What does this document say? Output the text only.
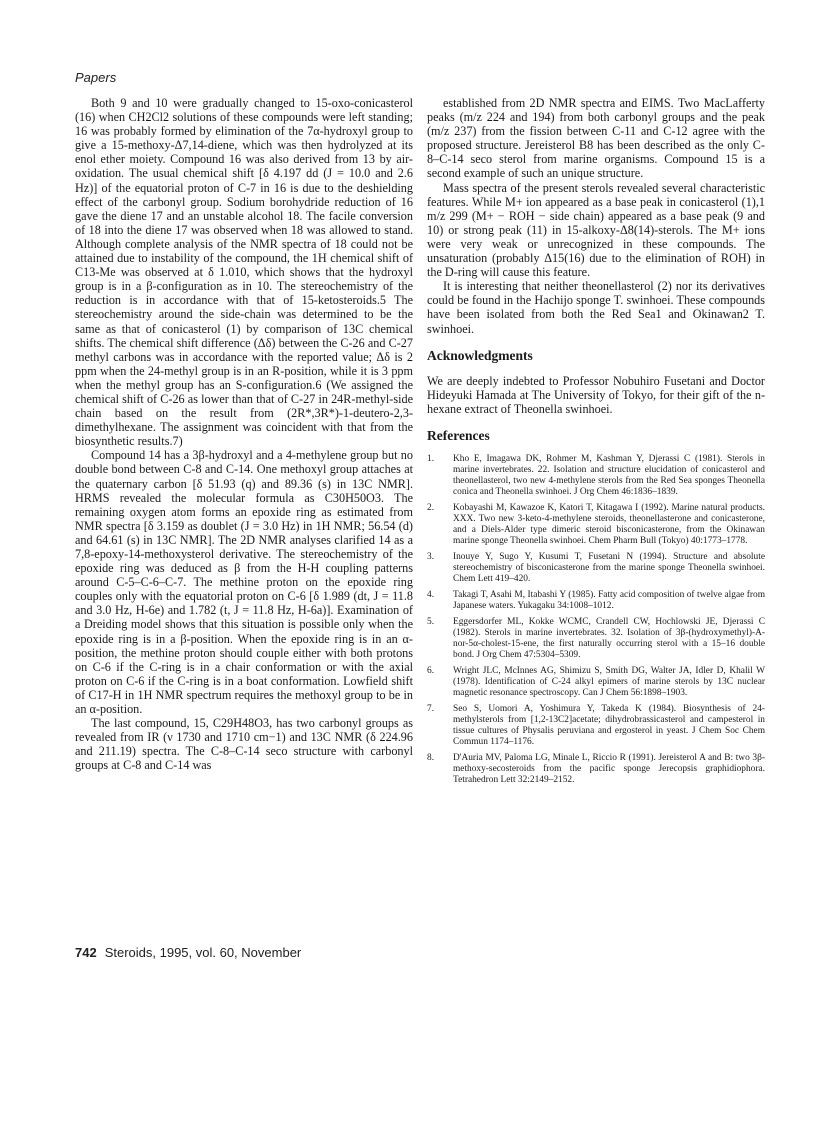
Papers

Both 9 and 10 were gradually changed to 15-oxo-conicasterol (16) when CH2Cl2 solutions of these compounds were left standing; 16 was probably formed by elimination of the 7α-hydroxyl group to give a 15-methoxy-Δ7,14-diene, which was then hydrolyzed at its enol ether moiety. Compound 16 was also derived from 13 by air-oxidation. The usual chemical shift [δ 4.197 dd (J = 10.0 and 2.6 Hz)] of the equatorial proton of C-7 in 16 is due to the deshielding effect of the carbonyl group. Sodium borohydride reduction of 16 gave the diene 17 and an unstable alcohol 18. The facile conversion of 18 into the diene 17 was observed when 18 was allowed to stand. Although complete analysis of the NMR spectra of 18 could not be attained due to instability of the compound, the 1H chemical shift of C13-Me was observed at δ 1.010, which shows that the hydroxyl group is in a β-configuration as in 10. The stereochemistry of the reduction is in accordance with that of 15-ketosteroids.5 The stereochemistry around the side-chain was determined to be the same as that of conicasterol (1) by comparison of 13C chemical shifts. The chemical shift difference (Δδ) between the C-26 and C-27 methyl carbons was in accordance with the reported value; Δδ is 2 ppm when the 24-methyl group is in an R-position, while it is 3 ppm when the methyl group has an S-configuration.6 (We assigned the chemical shift of C-26 as lower than that of C-27 in 24R-methyl-side chain based on the result from (2R*,3R*)-1-deutero-2,3-dimethylhexane. The assignment was coincident with that from the biosynthetic results.7)

Compound 14 has a 3β-hydroxyl and a 4-methylene group but no double bond between C-8 and C-14. One methoxyl group attaches at the quaternary carbon [δ 51.93 (q) and 89.36 (s) in 13C NMR]. HRMS revealed the molecular formula as C30H50O3. The remaining oxygen atom forms an epoxide ring as estimated from NMR spectra [δ 3.159 as doublet (J = 3.0 Hz) in 1H NMR; 56.54 (d) and 64.61 (s) in 13C NMR]. The 2D NMR analyses clarified 14 as a 7,8-epoxy-14-methoxysterol derivative. The stereochemistry of the epoxide ring was deduced as β from the H-H coupling patterns around C-5–C-6–C-7. The methine proton on the epoxide ring couples only with the equatorial proton on C-6 [δ 1.989 (dt, J = 11.8 and 3.0 Hz, H-6e) and 1.782 (t, J = 11.8 Hz, H-6a)]. Examination of a Dreiding model shows that this situation is possible only when the epoxide ring is in a β-position. When the epoxide ring is in an α-position, the methine proton should couple either with both protons on C-6 if the C-ring is in a chair conformation or with the axial proton on C-6 if the C-ring is in a boat conformation. Lowfield shift of C17-H in 1H NMR spectrum requires the methoxyl group to be in an α-position.

The last compound, 15, C29H48O3, has two carbonyl groups as revealed from IR (ν 1730 and 1710 cm−1) and 13C NMR (δ 224.96 and 211.19) spectra. The C-8–C-14 seco structure with carbonyl groups at C-8 and C-14 was

established from 2D NMR spectra and EIMS. Two MacLafferty peaks (m/z 224 and 194) from both carbonyl groups and the peak (m/z 237) from the fission between C-11 and C-12 agree with the proposed structure. Jereisterol B8 has been described as the only C-8–C-14 seco sterol from marine organisms. Compound 15 is a second example of such an unique structure.

Mass spectra of the present sterols revealed several characteristic features. While M+ ion appeared as a base peak in conicasterol (1),1 m/z 299 (M+ − ROH − side chain) appeared as a base peak (9 and 10) or strong peak (11) in 15-alkoxy-Δ8(14)-sterols. The M+ ions were very weak or unrecognized in these compounds. The unsaturation (probably Δ15(16) due to the elimination of ROH) in the D-ring will cause this feature.

It is interesting that neither theonellasterol (2) nor its derivatives could be found in the Hachijo sponge T. swinhoei. These compounds have been isolated from both the Red Sea1 and Okinawan2 T. swinhoei.

Acknowledgments

We are deeply indebted to Professor Nobuhiro Fusetani and Doctor Hideyuki Hamada at The University of Tokyo, for their gift of the n-hexane extract of Theonella swinhoei.

References
1.	Kho E, Imagawa DK, Rohmer M, Kashman Y, Djerassi C (1981). Sterols in marine invertebrates. 22. Isolation and structure elucidation of conicasterol and theonellasterol, two new 4-methylene sterols from the Red Sea sponges Theonella conica and Theonella swinhoei. J Org Chem 46:1836–1839.
2.	Kobayashi M, Kawazoe K, Katori T, Kitagawa I (1992). Marine natural products. XXX. Two new 3-keto-4-methylene steroids, theonellasterone and conicasterone, and a Diels-Alder type dimeric steroid bisconicasterone, from the Okinawan marine sponge Theonella swinhoei. Chem Pharm Bull (Tokyo) 40:1773–1778.
3.	Inouye Y, Sugo Y, Kusumi T, Fusetani N (1994). Structure and absolute stereochemistry of bisconicasterone from the marine sponge Theonella swinhoei. Chem Lett 419–420.
4.	Takagi T, Asahi M, Itabashi Y (1985). Fatty acid composition of twelve algae from Japanese waters. Yukagaku 34:1008–1012.
5.	Eggersdorfer ML, Kokke WCMC, Crandell CW, Hochlowski JE, Djerassi C (1982). Sterols in marine invertebrates. 32. Isolation of 3β-(hydroxymethyl)-A-nor-5α-cholest-15-ene, the first naturally occurring sterol with a 15–16 double bond. J Org Chem 47:5304–5309.
6.	Wright JLC, McInnes AG, Shimizu S, Smith DG, Walter JA, Idler D, Khalil W (1978). Identification of C-24 alkyl epimers of marine sterols by 13C nuclear magnetic resonance spectroscopy. Can J Chem 56:1898–1903.
7.	Seo S, Uomori A, Yoshimura Y, Takeda K (1984). Biosynthesis of 24-methylsterols from [1,2-13C2]acetate; dihydrobrassicasterol and campesterol in tissue cultures of Physalis peruviana and ergosterol in yeast. J Chem Soc Chem Commun 1174–1176.
8.	D'Auria MV, Paloma LG, Minale L, Riccio R (1991). Jereisterol A and B: two 3β-methoxy-secosteroids from the pacific sponge Jerecopsis graphidiophora. Tetrahedron Lett 32:2149–2152.
742 Steroids, 1995, vol. 60, November
